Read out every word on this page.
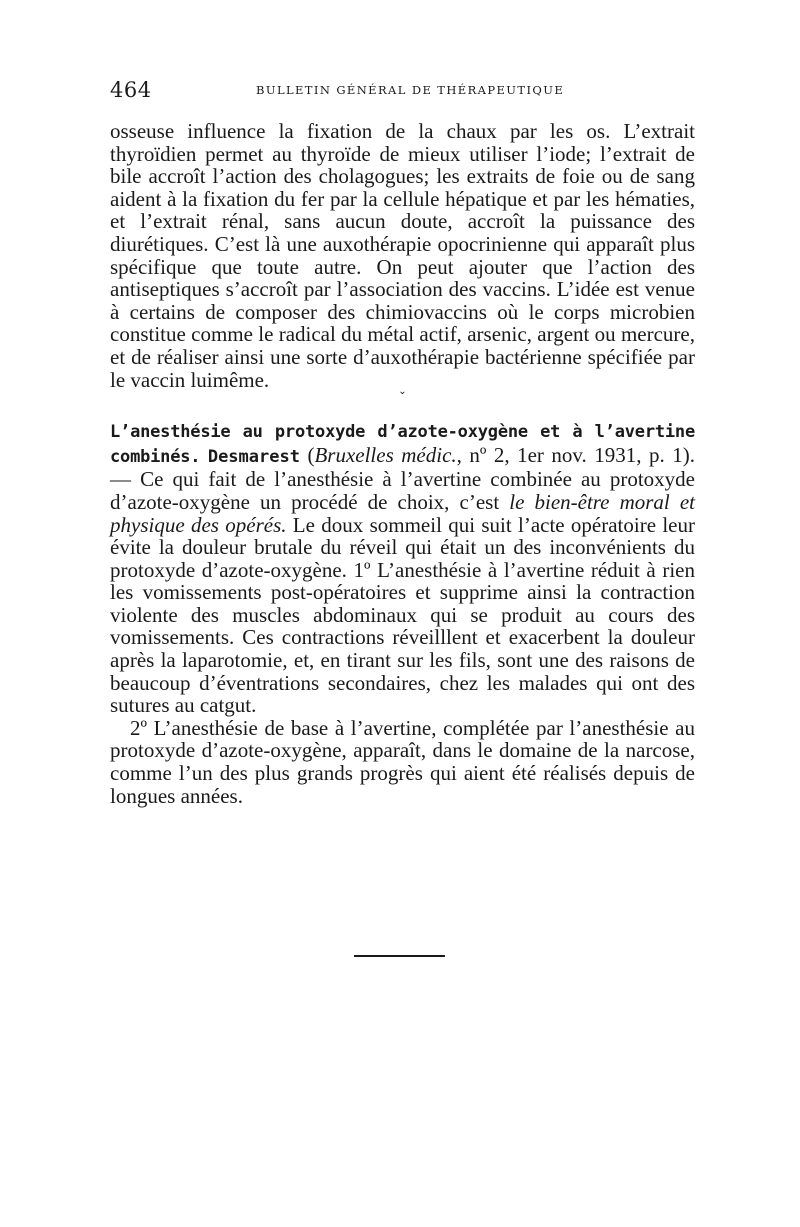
464	BULLETIN GÉNÉRAL DE THÉRAPEUTIQUE

osseuse influence la fixation de la chaux par les os. L’extrait thyroïdien permet au thyroïde de mieux utiliser l’iode; l’extrait de bile accroît l’action des cholagogues; les extraits de foie ou de sang aident à la fixation du fer par la cellule hépatique et par les hématies, et l’extrait rénal, sans aucun doute, accroît la puissance des diurétiques. C’est là une auxothérapie opocrinienne qui apparaît plus spécifique que toute autre. On peut ajouter que l’action des antiseptiques s’accroît par l’association des vaccins. L’idée est venue à certains de composer des chimiovaccins où le corps microbien constitue comme le radical du métal actif, arsenic, argent ou mercure, et de réaliser ainsi une sorte d’auxothérapie bactérienne spécifiée par le vaccin luimême.

⌄

L’anesthésie au protoxyde d’azote-oxygène et à l’avertine combinés. Desmarest (Bruxelles médic., nº 2, 1er nov. 1931, p. 1). — Ce qui fait de l’anesthésie à l’avertine combinée au protoxyde d’azote-oxygène un procédé de choix, c’est le bien-être moral et physique des opérés. Le doux sommeil qui suit l’acte opératoire leur évite la douleur brutale du réveil qui était un des inconvénients du protoxyde d’azote-oxygène. 1º L’anesthésie à l’avertine réduit à rien les vomissements post-opératoires et supprime ainsi la contraction violente des muscles abdominaux qui se produit au cours des vomissements. Ces contractions réveilllent et exacerbent la douleur après la laparotomie, et, en tirant sur les fils, sont une des raisons de beaucoup d’éventrations secondaires, chez les malades qui ont des sutures au catgut.

2º L’anesthésie de base à l’avertine, complétée par l’anesthésie au protoxyde d’azote-oxygène, apparaît, dans le domaine de la narcose, comme l’un des plus grands progrès qui aient été réalisés depuis de longues années.
